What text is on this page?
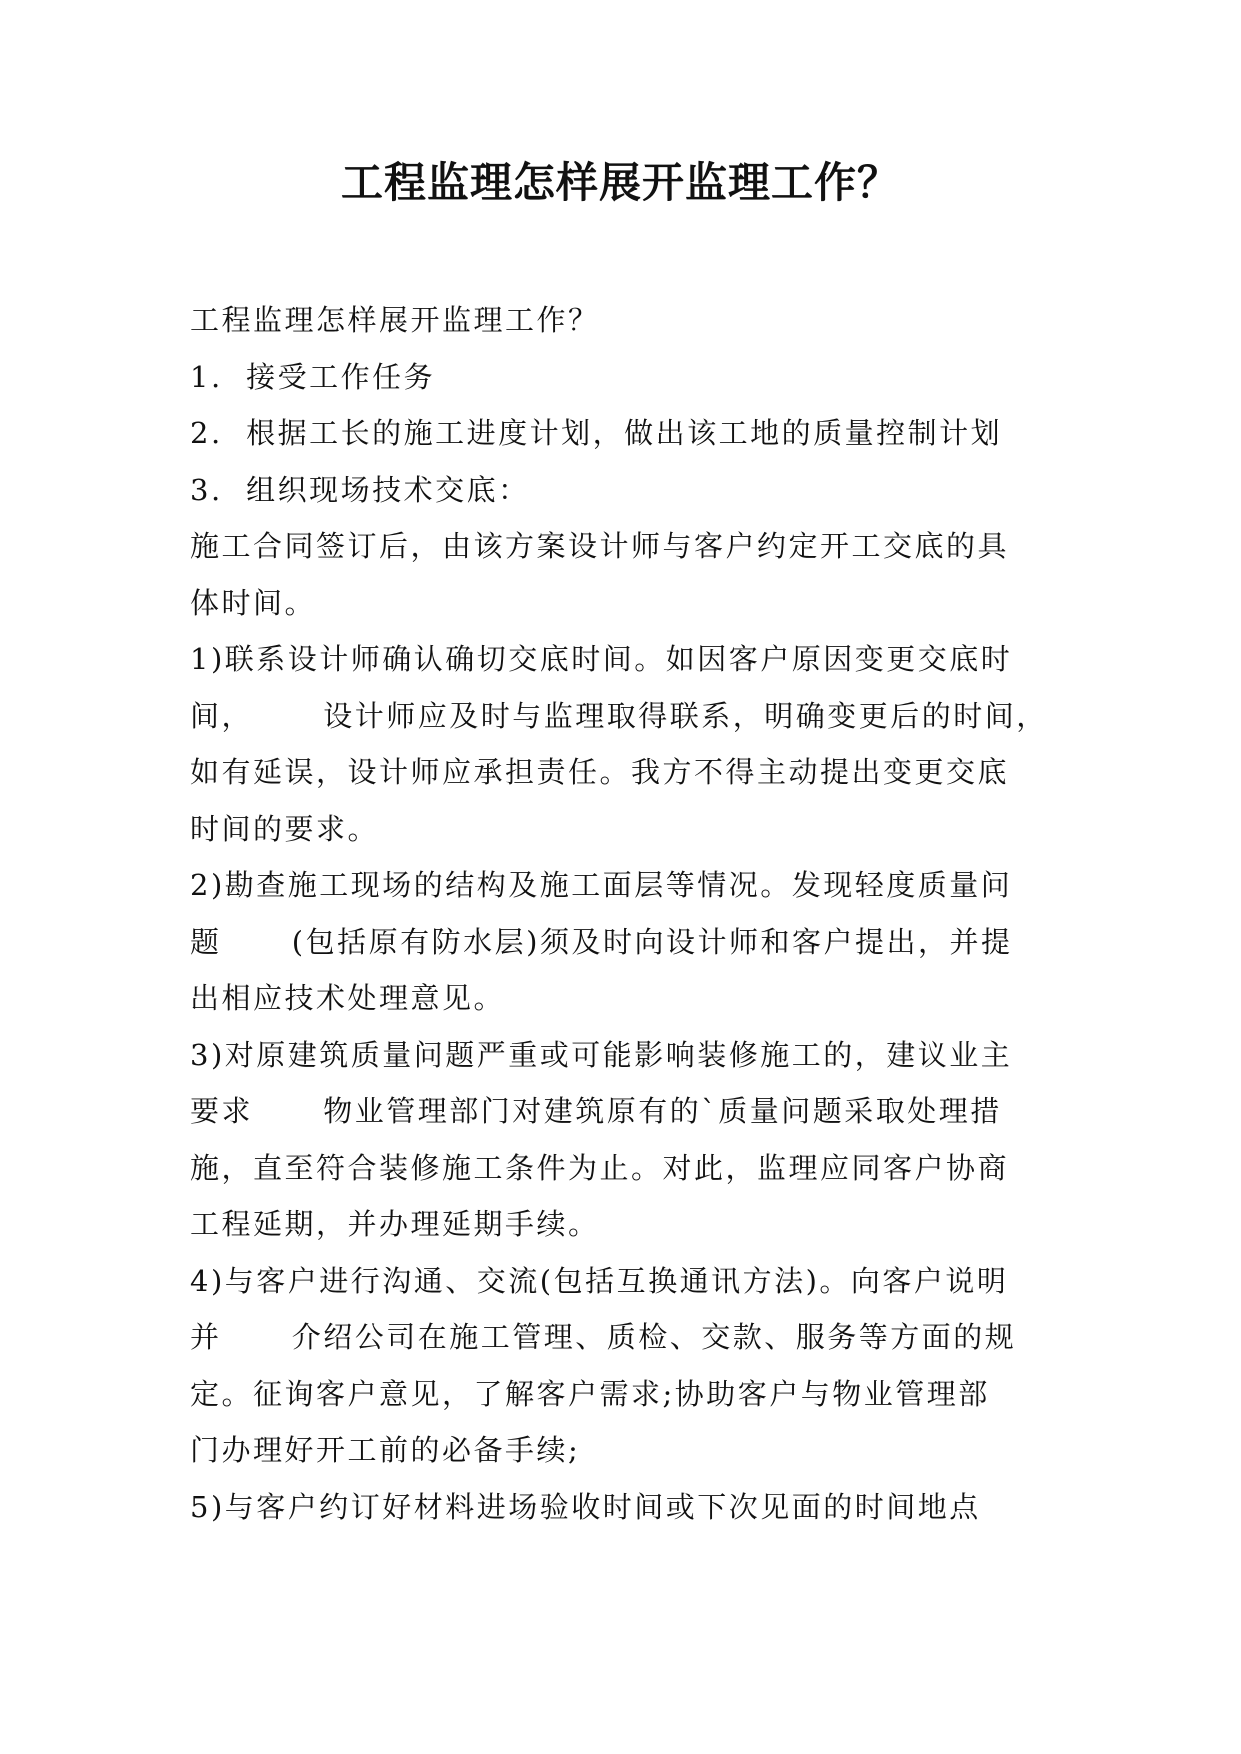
工程监理怎样展开监理工作？
工程监理怎样展开监理工作？
1.  接受工作任务
2.  根据工长的施工进度计划，做出该工地的质量控制计划
3.  组织现场技术交底：
施工合同签订后，由该方案设计师与客户约定开工交底的具
体时间。
1)联系设计师确认确切交底时间。如因客户原因变更交底时
间，      设计师应及时与监理取得联系，明确变更后的时间，
如有延误，设计师应承担责任。我方不得主动提出变更交底
时间的要求。
2)勘查施工现场的结构及施工面层等情况。发现轻度质量问
题      (包括原有防水层)须及时向设计师和客户提出，并提
出相应技术处理意见。
3)对原建筑质量问题严重或可能影响装修施工的，建议业主
要求      物业管理部门对建筑原有的`质量问题采取处理措
施，直至符合装修施工条件为止。对此，监理应同客户协商
工程延期，并办理延期手续。
4)与客户进行沟通、交流(包括互换通讯方法)。向客户说明
并      介绍公司在施工管理、质检、交款、服务等方面的规
定。征询客户意见，了解客户需求;协助客户与物业管理部
门办理好开工前的必备手续;
5)与客户约订好材料进场验收时间或下次见面的时间地点
